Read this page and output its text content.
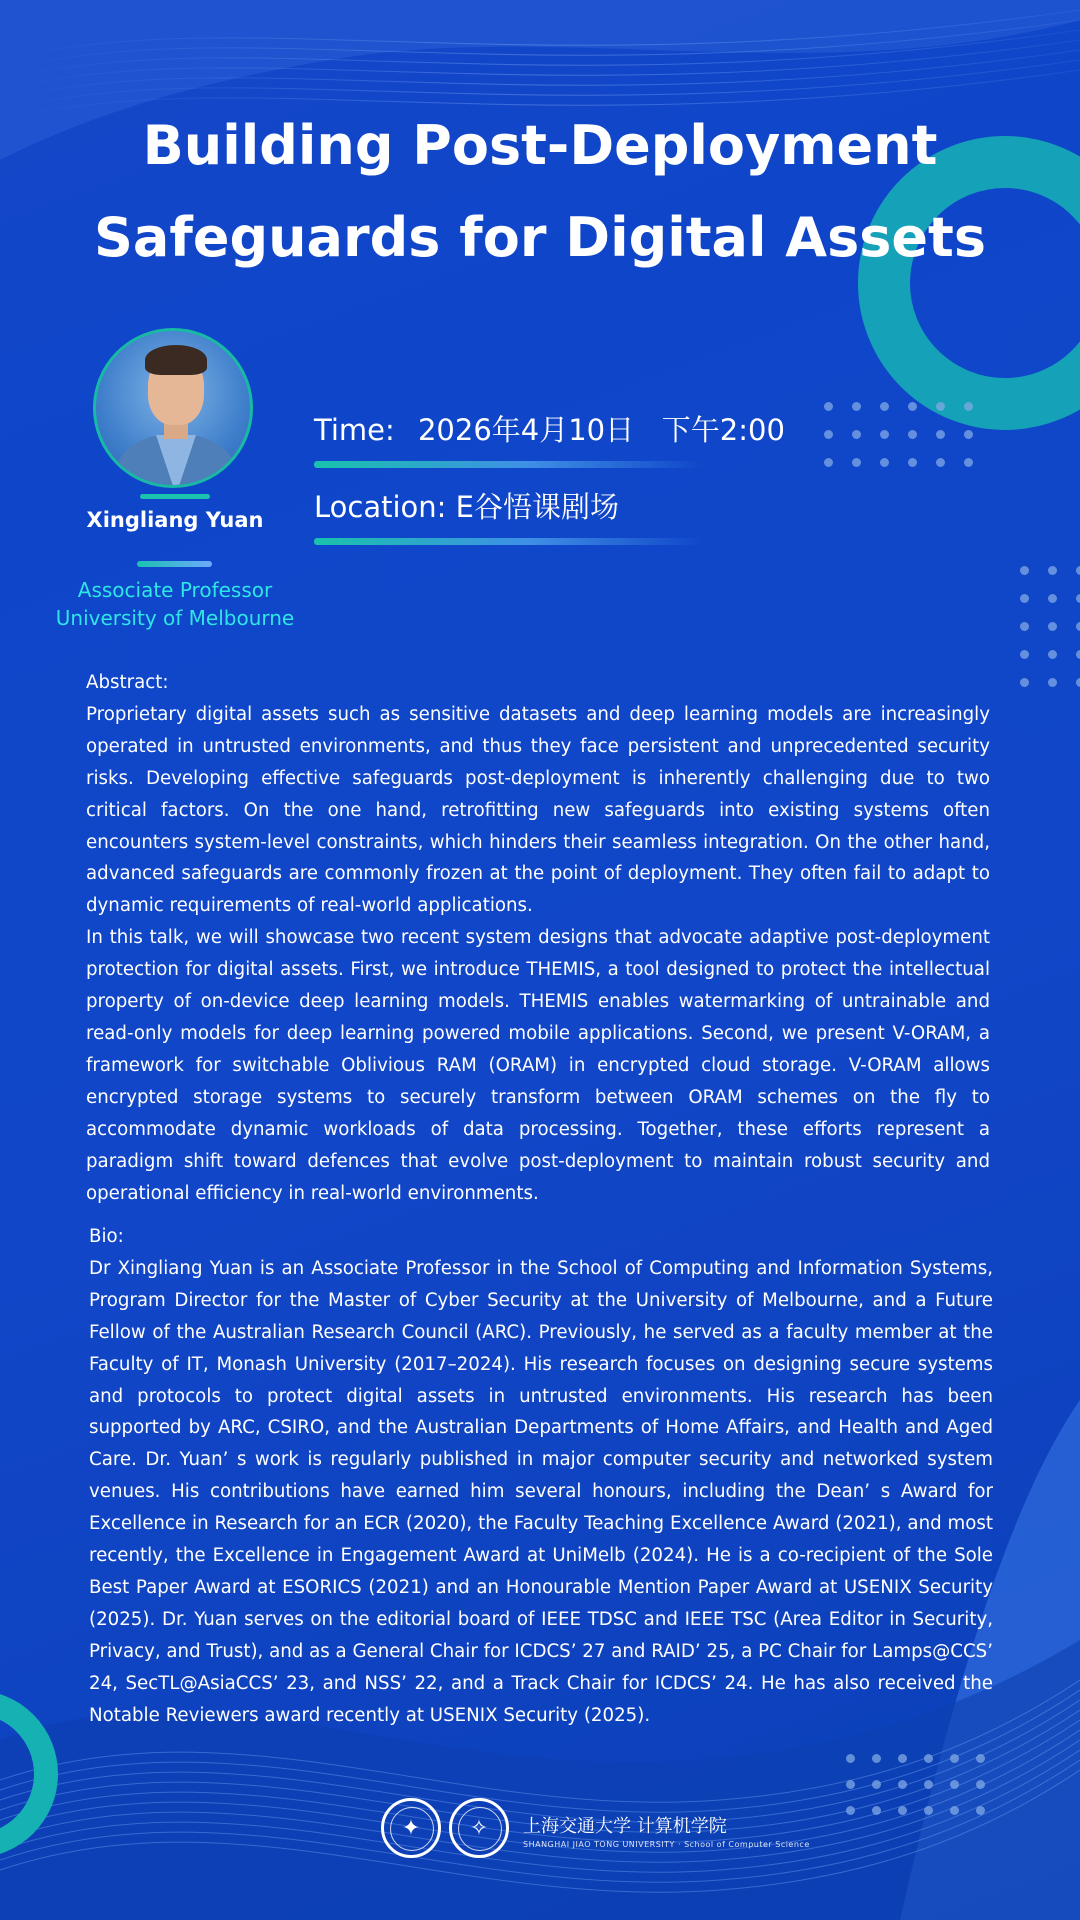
Building Post-Deployment
Safeguards for Digital Assets
Xingliang Yuan
Associate Professor
University of Melbourne
Time: 2026年4月10日   下午2:00
Location: E谷悟课剧场

Abstract:

Proprietary digital assets such as sensitive datasets and deep learning models are increasingly operated in untrusted environments, and thus they face persistent and unprecedented security risks. Developing effective safeguards post-deployment is inherently challenging due to two critical factors. On the one hand, retrofitting new safeguards into existing systems often encounters system-level constraints, which hinders their seamless integration. On the other hand, advanced safeguards are commonly frozen at the point of deployment. They often fail to adapt to dynamic requirements of real-world applications.

In this talk, we will showcase two recent system designs that advocate adaptive post-deployment protection for digital assets. First, we introduce THEMIS, a tool designed to protect the intellectual property of on-device deep learning models. THEMIS enables watermarking of untrainable and read-only models for deep learning powered mobile applications. Second, we present V-ORAM, a framework for switchable Oblivious RAM (ORAM) in encrypted cloud storage. V-ORAM allows encrypted storage systems to securely transform between ORAM schemes on the fly to accommodate dynamic workloads of data processing. Together, these efforts represent a paradigm shift toward defences that evolve post-deployment to maintain robust security and operational efficiency in real-world environments.

Bio:

Dr Xingliang Yuan is an Associate Professor in the School of Computing and Information Systems, Program Director for the Master of Cyber Security at the University of Melbourne, and a Future Fellow of the Australian Research Council (ARC). Previously, he served as a faculty member at the Faculty of IT, Monash University (2017–2024). His research focuses on designing secure systems and protocols to protect digital assets in untrusted environments. His research has been supported by ARC, CSIRO, and the Australian Departments of Home Affairs, and Health and Aged Care. Dr. Yuan’ s work is regularly published in major computer security and networked system venues. His contributions have earned him several honours, including the Dean’ s Award for Excellence in Research for an ECR (2020), the Faculty Teaching Excellence Award (2021), and most recently, the Excellence in Engagement Award at UniMelb (2024). He is a co-recipient of the Sole Best Paper Award at ESORICS (2021) and an Honourable Mention Paper Award at USENIX Security (2025). Dr. Yuan serves on the editorial board of IEEE TDSC and IEEE TSC (Area Editor in Security, Privacy, and Trust), and as a General Chair for ICDCS’ 27 and RAID’ 25, a PC Chair for Lamps@CCS’ 24, SecTL@AsiaCCS’ 23, and NSS’ 22, and a Track Chair for ICDCS’ 24. He has also received the Notable Reviewers award recently at USENIX Security (2025).

✦	✧	上海交通大学 计算机学院
SHANGHAI JIAO TONG UNIVERSITY · School of Computer Science
